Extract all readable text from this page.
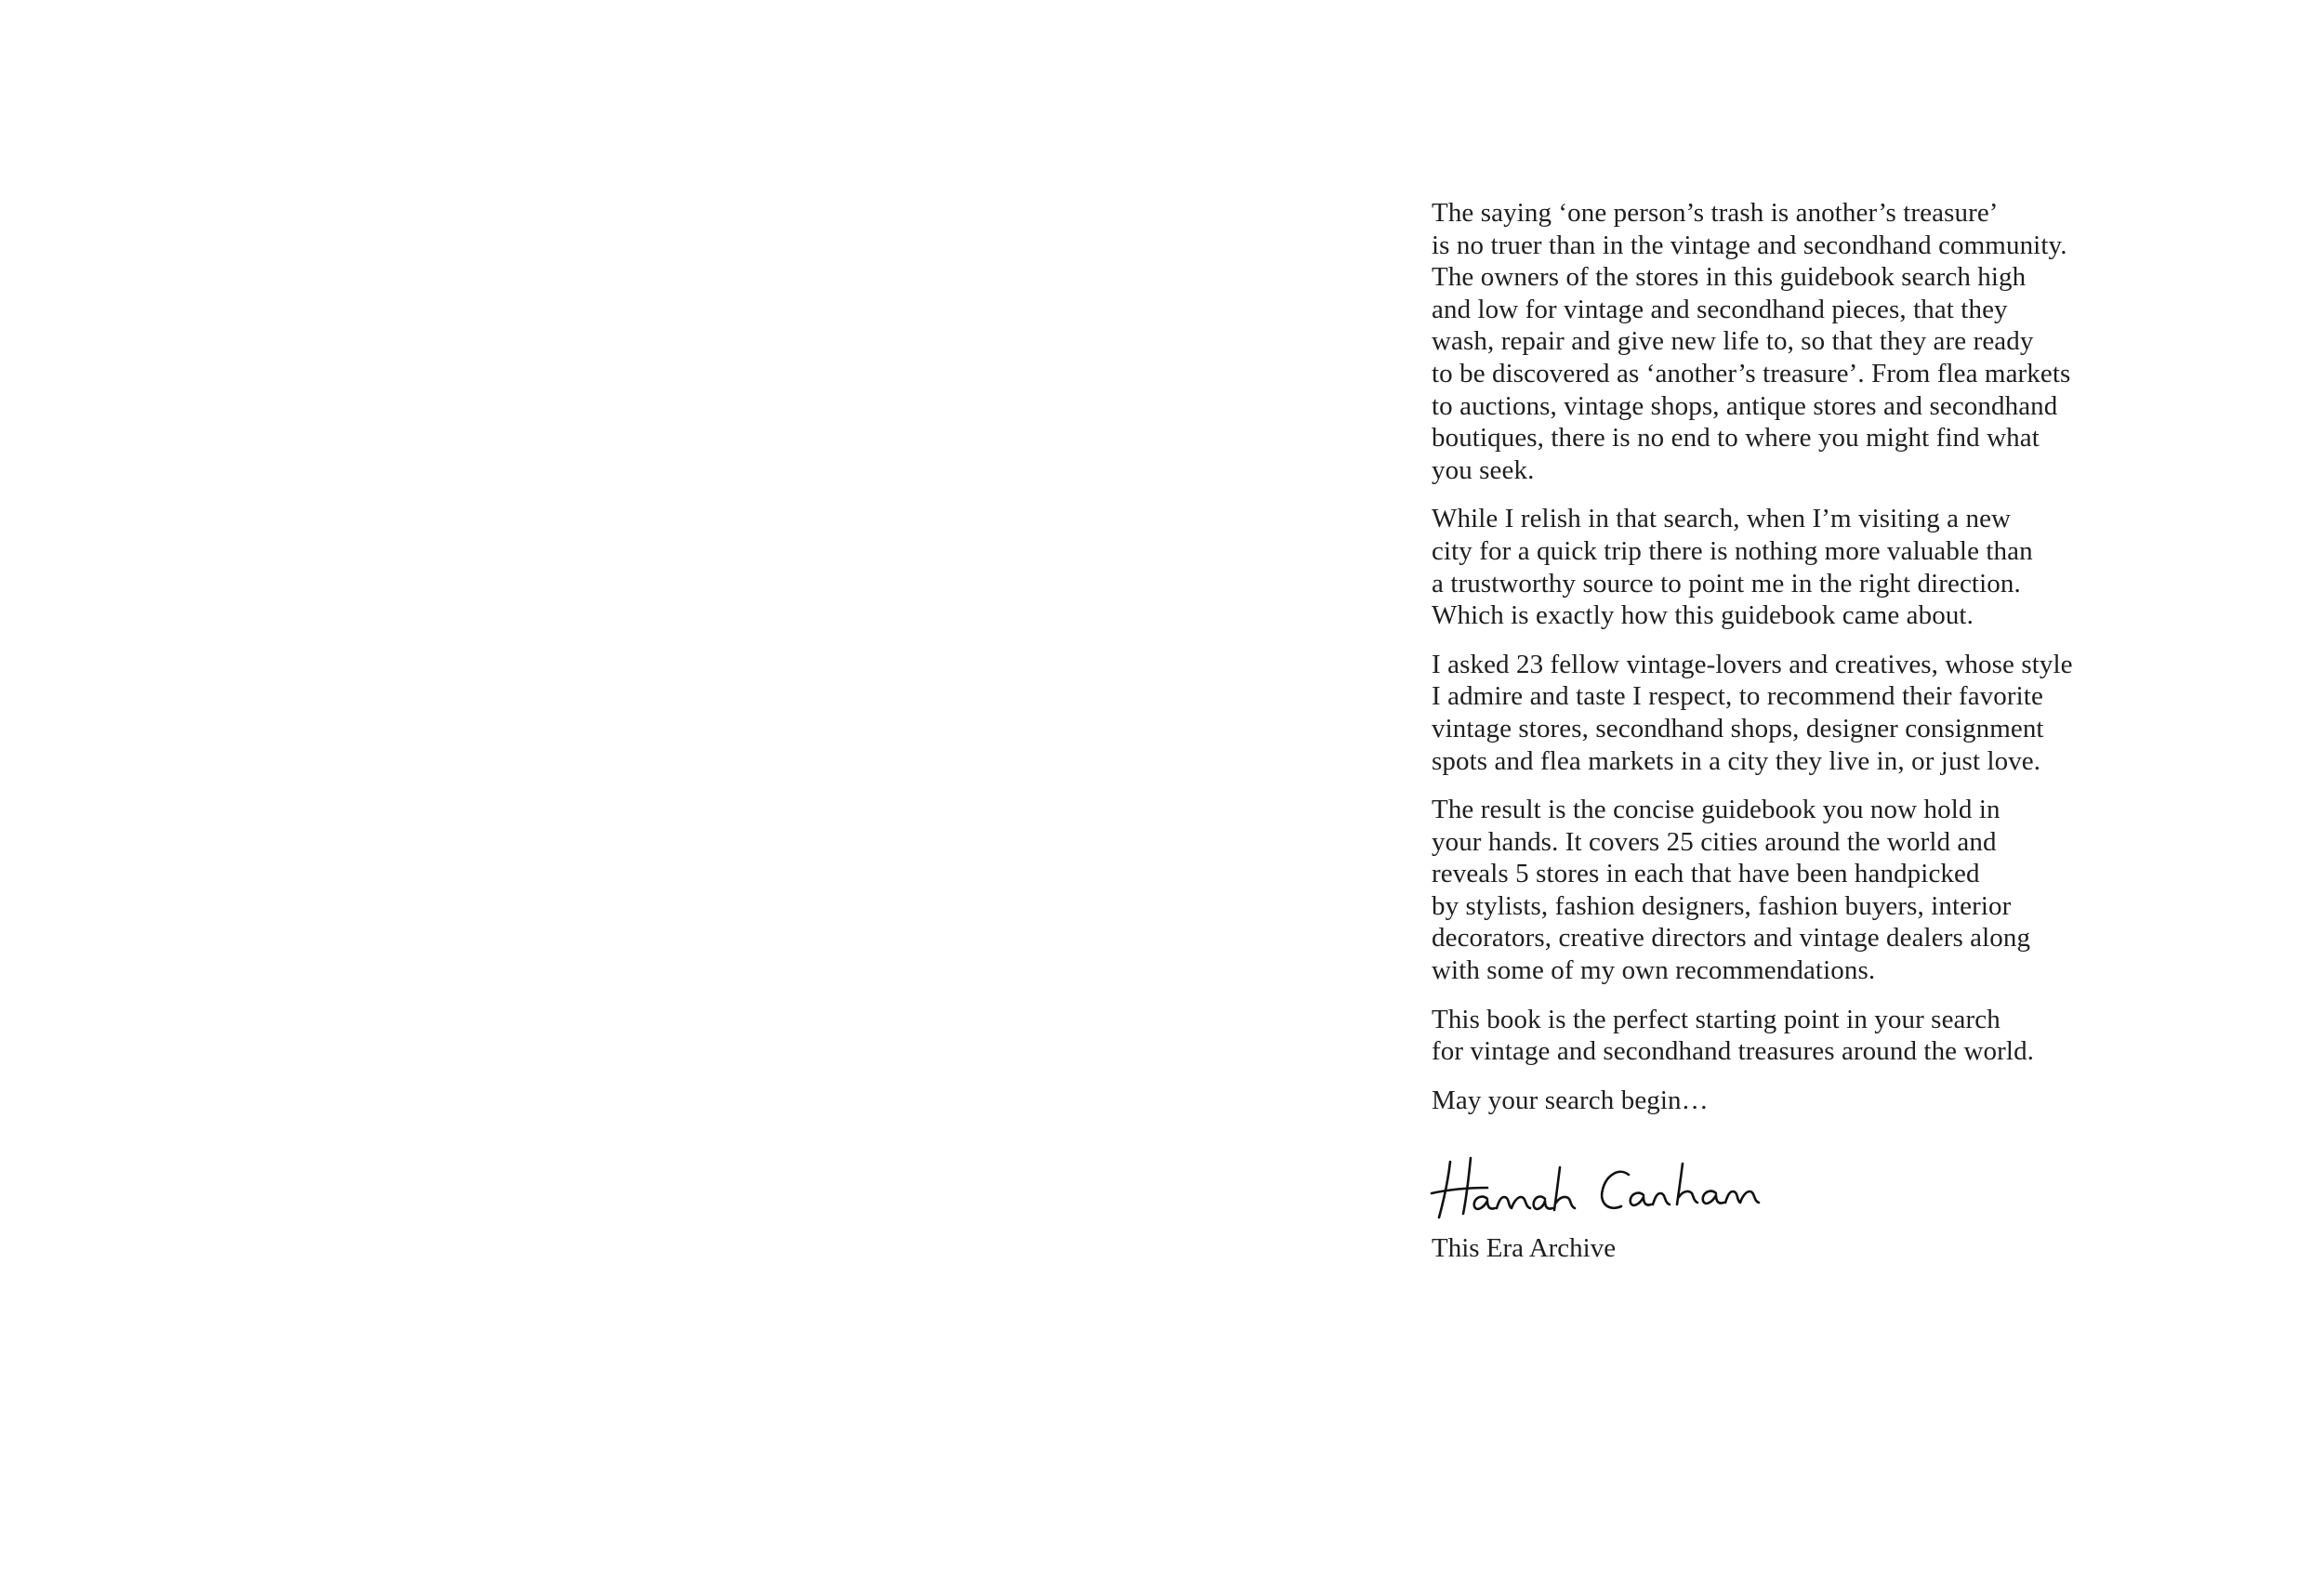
The saying ‘one person’s trash is another’s treasure’
is no truer than in the vintage and secondhand community.
The owners of the stores in this guidebook search high
and low for vintage and secondhand pieces, that they
wash, repair and give new life to, so that they are ready
to be discovered as ‘another’s treasure’. From flea markets
to auctions, vintage shops, antique stores and secondhand
boutiques, there is no end to where you might find what
you seek.

While I relish in that search, when I’m visiting a new
city for a quick trip there is nothing more valuable than
a trustworthy source to point me in the right direction.
Which is exactly how this guidebook came about.

I asked 23 fellow vintage-lovers and creatives, whose style
I admire and taste I respect, to recommend their favorite
vintage stores, secondhand shops, designer consignment
spots and flea markets in a city they live in, or just love.

The result is the concise guidebook you now hold in
your hands. It covers 25 cities around the world and
reveals 5 stores in each that have been handpicked
by stylists, fashion designers, fashion buyers, interior
decorators, creative directors and vintage dealers along
with some of my own recommendations.

This book is the perfect starting point in your search
for vintage and secondhand treasures around the world.

May your search begin…

This Era Archive
